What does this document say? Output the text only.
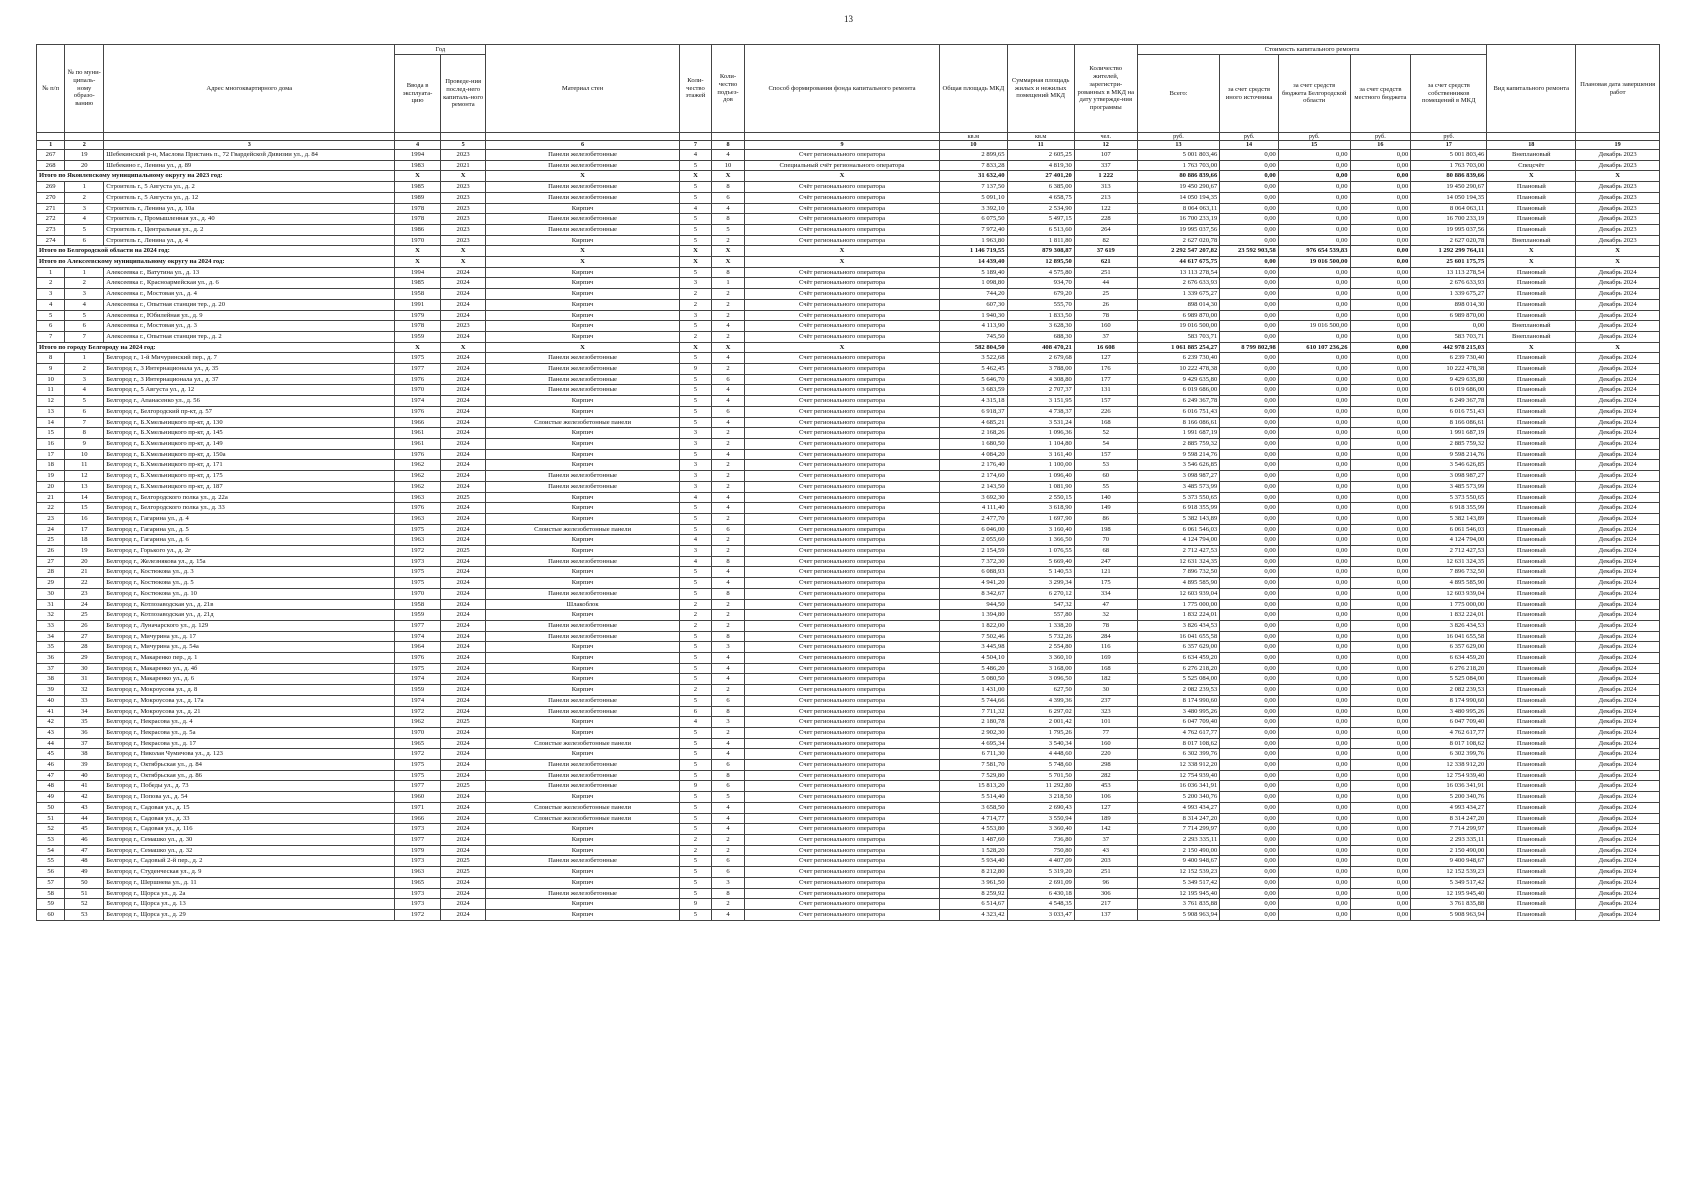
13
№ п/п	№ по муни-ципаль-ному образо-ванию	Адрес многоквартирного дома	Год		Материал стен	Коли-чество этажей	Коли-чество подъез-дов	Способ формирования фонда капитального ремонта	Общая площадь МКД	Суммарная площадь жилых и нежилых помещений МКД	Количество жителей, зарегистри-рованных в МКД на дату утвержде-ния программы	Стоимость капитального ремонта					Вид капитального ремонта	Плановая дата завершения работ
			Ввода в эксплуата-цию	Проведе-ния послед-него капиталь-ного ремонта								Всего:	за счет средств иного источника	за счет средств бюджета Белгородской области	за счет средств местного бюджета	за счет средств собственников помещений в МКД		
									кв.м	кв.м	чел.	руб.	руб.	руб.	руб.	руб.		
1	2	3	4	5	6	7	8	9	10	11	12	13	14	15	16	17	18	19
267	19	Шебекинский р-н, Маслова Пристань п., 72 Гвардейской Дивизии ул., д. 84	1994	2023	Панели железобетонные	4	4	Счет регионального оператора	2 899,65	2 605,25	107	5 001 803,46	0,00	0,00	0,00	5 001 803,46	Внеплановый	Декабрь 2023
268	20	Шебекино г., Ленина ул., д. 89	1983	2021	Панели железобетонные	5	10	Специальный счёт регионального оператора	7 833,28	4 819,30	337	1 763 703,00	0,00	0,00	0,00	1 763 703,00	Спецсчёт	Декабрь 2023
Итого по Яковлевскому муниципальному округу на 2023 год:			X	X	X	X	X	X	31 632,40	27 401,20	1 222	80 886 839,66	0,00	0,00	0,00	80 886 839,66	X	X
269	1	Строитель г., 5 Августа ул., д. 2	1985	2023	Панели железобетонные	5	8	Счёт регионального оператора	7 137,50	6 385,00	313	19 450 290,67	0,00	0,00	0,00	19 450 290,67	Плановый	Декабрь 2023
270	2	Строитель г., 5 Августа ул., д. 12	1989	2023	Панели железобетонные	5	6	Счёт регионального оператора	5 091,10	4 658,75	213	14 050 194,35	0,00	0,00	0,00	14 050 194,35	Плановый	Декабрь 2023
271	3	Строитель г., Ленина ул., д. 10а	1978	2023	Кирпич	4	4	Счёт регионального оператора	3 392,10	2 534,90	122	8 064 063,11	0,00	0,00	0,00	8 064 063,11	Плановый	Декабрь 2023
272	4	Строитель г., Промышленная ул., д. 40	1978	2023	Панели железобетонные	5	8	Счёт регионального оператора	6 075,50	5 497,15	228	16 700 233,19	0,00	0,00	0,00	16 700 233,19	Плановый	Декабрь 2023
273	5	Строитель г., Центральная ул., д. 2	1986	2023	Панели железобетонные	5	5	Счёт регионального оператора	7 972,40	6 513,60	264	19 995 037,56	0,00	0,00	0,00	19 995 037,56	Плановый	Декабрь 2023
274	6	Строитель г., Ленина ул., д. 4	1970	2023	Кирпич	5	2	Счет регионального оператора	1 963,80	1 811,80	82	2 627 020,78	0,00	0,00	0,00	2 627 020,78	Внеплановый	Декабрь 2023
Итого по Белгородской области на 2024 год:			X	X	X	X	X	X	1 146 719,55	879 308,87	37 619	2 292 547 207,82	23 592 903,58	976 654 539,83	0,00	1 292 299 764,11	X	X
Итого по Алексеевскому муниципальному округу на 2024 год:			X	X	X	X	X	X	14 439,40	12 895,50	621	44 617 675,75	0,00	19 016 500,00	0,00	25 601 175,75	X	X
1	1	Алексеевка г., Ватутина ул., д. 13	1994	2024	Кирпич	5	8	Счёт регионального оператора	5 189,40	4 575,80	251	13 113 278,54	0,00	0,00	0,00	13 113 278,54	Плановый	Декабрь 2024
2	2	Алексеевка г., Красноармейская ул., д. 6	1985	2024	Кирпич	3	1	Счёт регионального оператора	1 098,80	934,70	44	2 676 633,93	0,00	0,00	0,00	2 676 633,93	Плановый	Декабрь 2024
3	3	Алексеевка г., Мостовая ул., д. 4	1958	2024	Кирпич	2	2	Счёт регионального оператора	744,20	679,20	25	1 339 675,27	0,00	0,00	0,00	1 339 675,27	Плановый	Декабрь 2024
4	4	Алексеевка г., Опытная станция тер., д. 20	1991	2024	Кирпич	2	2	Счёт регионального оператора	607,30	555,70	26	898 014,30	0,00	0,00	0,00	898 014,30	Плановый	Декабрь 2024
5	5	Алексеевка г., Юбилейная ул., д. 9	1979	2024	Кирпич	3	2	Счёт регионального оператора	1 940,30	1 833,50	78	6 989 870,00	0,00	0,00	0,00	6 989 870,00	Плановый	Декабрь 2024
6	6	Алексеевка г., Мостовая ул., д. 3	1978	2023	Кирпич	5	4	Счёт регионального оператора	4 113,90	3 628,30	160	19 016 500,00	0,00	19 016 500,00	0,00	0,00	Внеплановый	Декабрь 2024
7	7	Алексеевка г., Опытная станция тер., д. 2	1959	2024	Кирпич	2	2	Счёт регионального оператора	745,50	688,30	37	583 703,71	0,00	0,00	0,00	583 703,71	Внеплановый	Декабрь 2024
Итого по городу Белгороду на 2024 год:			X	X	X	X	X	X	582 804,50	408 470,21	16 608	1 061 885 254,27	8 799 802,98	610 107 236,26	0,00	442 978 215,03	X	X
8	1	Белгород г., 1-й Мичуринский пер., д. 7	1975	2024	Панели железобетонные	5	4	Счет регионального оператора	3 522,68	2 679,68	127	6 239 730,40	0,00	0,00	0,00	6 239 730,40	Плановый	Декабрь 2024
9	2	Белгород г., 3 Интернационала ул., д. 35	1977	2024	Панели железобетонные	9	2	Счет регионального оператора	5 462,45	3 788,00	176	10 222 478,38	0,00	0,00	0,00	10 222 478,38	Плановый	Декабрь 2024
10	3	Белгород г., 3 Интернационала ул., д. 37	1976	2024	Панели железобетонные	5	6	Счет регионального оператора	5 646,70	4 308,80	177	9 429 635,80	0,00	0,00	0,00	9 429 635,80	Плановый	Декабрь 2024
11	4	Белгород г., 5 Августа ул., д. 12	1970	2024	Панели железобетонные	5	4	Счет регионального оператора	3 683,59	2 707,37	131	6 019 686,00	0,00	0,00	0,00	6 019 686,00	Плановый	Декабрь 2024
12	5	Белгород г., Апанасенко ул., д. 56	1974	2024	Кирпич	5	4	Счет регионального оператора	4 315,18	3 151,95	157	6 249 367,78	0,00	0,00	0,00	6 249 367,78	Плановый	Декабрь 2024
13	6	Белгород г., Белгородский пр-кт, д. 57	1976	2024	Кирпич	5	6	Счет регионального оператора	6 918,37	4 738,37	226	6 016 751,43	0,00	0,00	0,00	6 016 751,43	Плановый	Декабрь 2024
14	7	Белгород г., Б.Хмельницкого пр-кт, д. 130	1966	2024	Слоистые железобетонные панели	5	4	Счет регионального оператора	4 685,21	3 531,24	168	8 166 086,61	0,00	0,00	0,00	8 166 086,61	Плановый	Декабрь 2024
15	8	Белгород г., Б.Хмельницкого пр-кт, д. 145	1961	2024	Кирпич	3	2	Счет регионального оператора	2 168,26	1 096,36	52	1 991 687,19	0,00	0,00	0,00	1 991 687,19	Плановый	Декабрь 2024
16	9	Белгород г., Б.Хмельницкого пр-кт, д. 149	1961	2024	Кирпич	3	2	Счет регионального оператора	1 680,50	1 104,80	54	2 885 759,32	0,00	0,00	0,00	2 885 759,32	Плановый	Декабрь 2024
17	10	Белгород г., Б.Хмельницкого пр-кт, д. 150а	1976	2024	Кирпич	5	4	Счет регионального оператора	4 084,20	3 161,40	157	9 598 214,76	0,00	0,00	0,00	9 598 214,76	Плановый	Декабрь 2024
18	11	Белгород г., Б.Хмельницкого пр-кт, д. 171	1962	2024	Кирпич	3	2	Счет регионального оператора	2 176,40	1 100,00	53	3 546 626,85	0,00	0,00	0,00	3 546 626,85	Плановый	Декабрь 2024
19	12	Белгород г., Б.Хмельницкого пр-кт, д. 175	1962	2024	Панели железобетонные	3	2	Счет регионального оператора	2 174,60	1 096,40	60	3 098 987,27	0,00	0,00	0,00	3 098 987,27	Плановый	Декабрь 2024
20	13	Белгород г., Б.Хмельницкого пр-кт, д. 187	1962	2024	Панели железобетонные	3	2	Счет регионального оператора	2 143,50	1 081,90	55	3 485 573,99	0,00	0,00	0,00	3 485 573,99	Плановый	Декабрь 2024
21	14	Белгород г., Белгородского полка ул., д. 22а	1963	2025	Кирпич	4	4	Счет регионального оператора	3 692,30	2 550,15	140	5 373 550,65	0,00	0,00	0,00	5 373 550,65	Плановый	Декабрь 2024
22	15	Белгород г., Белгородского полка ул., д. 33	1976	2024	Кирпич	5	4	Счет регионального оператора	4 111,40	3 618,90	149	6 918 355,99	0,00	0,00	0,00	6 918 355,99	Плановый	Декабрь 2024
23	16	Белгород г., Гагарина ул., д. 4	1963	2024	Кирпич	5	2	Счет регионального оператора	2 477,70	1 697,90	86	5 382 143,89	0,00	0,00	0,00	5 382 143,89	Плановый	Декабрь 2024
24	17	Белгород г., Гагарина ул., д. 5	1975	2024	Слоистые железобетонные панели	5	6	Счет регионального оператора	6 046,00	3 160,40	198	6 061 546,03	0,00	0,00	0,00	6 061 546,03	Плановый	Декабрь 2024
25	18	Белгород г., Гагарина ул., д. 6	1963	2024	Кирпич	4	2	Счет регионального оператора	2 055,60	1 366,50	70	4 124 794,00	0,00	0,00	0,00	4 124 794,00	Плановый	Декабрь 2024
26	19	Белгород г., Горького ул., д. 2г	1972	2025	Кирпич	3	2	Счет регионального оператора	2 154,59	1 076,55	68	2 712 427,53	0,00	0,00	0,00	2 712 427,53	Плановый	Декабрь 2024
27	20	Белгород г., Железнякова ул., д. 15а	1973	2024	Панели железобетонные	4	8	Счет регионального оператора	7 372,30	5 669,40	247	12 631 324,35	0,00	0,00	0,00	12 631 324,35	Плановый	Декабрь 2024
28	21	Белгород г., Костюкова ул., д. 3	1975	2024	Кирпич	5	4	Счет регионального оператора	6 088,93	5 140,53	121	7 896 732,50	0,00	0,00	0,00	7 896 732,50	Плановый	Декабрь 2024
29	22	Белгород г., Костюкова ул., д. 5	1975	2024	Кирпич	5	4	Счет регионального оператора	4 941,20	3 299,34	175	4 895 585,90	0,00	0,00	0,00	4 895 585,90	Плановый	Декабрь 2024
30	23	Белгород г., Костюкова ул., д. 10	1970	2024	Панели железобетонные	5	8	Счет регионального оператора	8 342,67	6 270,12	334	12 603 939,04	0,00	0,00	0,00	12 603 939,04	Плановый	Декабрь 2024
31	24	Белгород г., Котлозаводская ул., д. 21в	1958	2024	Шлакоблок	2	2	Счет регионального оператора	944,50	547,32	47	1 775 000,00	0,00	0,00	0,00	1 775 000,00	Плановый	Декабрь 2024
32	25	Белгород г., Котлозаводская ул., д. 21д	1959	2024	Кирпич	2	2	Счет регионального оператора	1 394,80	557,80	32	1 832 224,01	0,00	0,00	0,00	1 832 224,01	Плановый	Декабрь 2024
33	26	Белгород г., Луначарского ул., д. 129	1977	2024	Панели железобетонные	2	2	Счет регионального оператора	1 822,00	1 338,20	78	3 826 434,53	0,00	0,00	0,00	3 826 434,53	Плановый	Декабрь 2024
34	27	Белгород г., Мичурина ул., д. 17	1974	2024	Панели железобетонные	5	8	Счет регионального оператора	7 502,46	5 732,26	284	16 041 655,58	0,00	0,00	0,00	16 041 655,58	Плановый	Декабрь 2024
35	28	Белгород г., Мичурина ул., д. 54а	1964	2024	Кирпич	5	3	Счет регионального оператора	3 445,98	2 554,80	116	6 357 629,00	0,00	0,00	0,00	6 357 629,00	Плановый	Декабрь 2024
36	29	Белгород г., Макаренко пер., д. 1	1976	2024	Кирпич	5	4	Счет регионального оператора	4 504,10	3 360,10	169	6 634 459,20	0,00	0,00	0,00	6 634 459,20	Плановый	Декабрь 2024
37	30	Белгород г., Макаренко ул., д. 4б	1975	2024	Кирпич	5	4	Счет регионального оператора	5 486,20	3 168,00	168	6 276 218,20	0,00	0,00	0,00	6 276 218,20	Плановый	Декабрь 2024
38	31	Белгород г., Макаренко ул., д. 6	1974	2024	Кирпич	5	4	Счет регионального оператора	5 080,50	3 096,50	182	5 525 084,00	0,00	0,00	0,00	5 525 084,00	Плановый	Декабрь 2024
39	32	Белгород г., Мокроусова ул., д. 8	1959	2024	Кирпич	2	2	Счет регионального оператора	1 431,00	627,50	30	2 082 239,53	0,00	0,00	0,00	2 082 239,53	Плановый	Декабрь 2024
40	33	Белгород г., Мокроусова ул., д. 17а	1974	2024	Панели железобетонные	5	6	Счет регионального оператора	5 744,66	4 399,36	237	8 174 990,60	0,00	0,00	0,00	8 174 990,60	Плановый	Декабрь 2024
41	34	Белгород г., Мокроусова ул., д. 21	1972	2024	Панели железобетонные	6	8	Счет регионального оператора	7 711,32	6 297,02	323	3 480 995,26	0,00	0,00	0,00	3 480 995,26	Плановый	Декабрь 2024
42	35	Белгород г., Некрасова ул., д. 4	1962	2025	Кирпич	4	3	Счет регионального оператора	2 180,78	2 001,42	101	6 047 709,40	0,00	0,00	0,00	6 047 709,40	Плановый	Декабрь 2024
43	36	Белгород г., Некрасова ул., д. 5а	1970	2024	Кирпич	5	2	Счет регионального оператора	2 902,30	1 795,26	77	4 762 617,77	0,00	0,00	0,00	4 762 617,77	Плановый	Декабрь 2024
44	37	Белгород г., Некрасова ул., д. 17	1965	2024	Слоистые железобетонные панели	5	4	Счет регионального оператора	4 695,34	3 540,34	160	8 017 108,62	0,00	0,00	0,00	8 017 108,62	Плановый	Декабрь 2024
45	38	Белгород г., Николая Чумичова ул., д. 123	1972	2024	Кирпич	5	4	Счет регионального оператора	6 711,30	4 448,60	220	6 302 399,76	0,00	0,00	0,00	6 302 399,76	Плановый	Декабрь 2024
46	39	Белгород г., Октябрьская ул., д. 84	1975	2024	Панели железобетонные	5	6	Счет регионального оператора	7 581,70	5 748,60	298	12 338 912,20	0,00	0,00	0,00	12 338 912,20	Плановый	Декабрь 2024
47	40	Белгород г., Октябрьская ул., д. 86	1975	2024	Панели железобетонные	5	8	Счет регионального оператора	7 529,80	5 701,50	282	12 754 939,40	0,00	0,00	0,00	12 754 939,40	Плановый	Декабрь 2024
48	41	Белгород г., Победы ул., д. 73	1977	2025	Панели железобетонные	9	6	Счет регионального оператора	15 813,20	11 292,80	453	16 036 341,91	0,00	0,00	0,00	16 036 341,91	Плановый	Декабрь 2024
49	42	Белгород г., Попова ул., д. 54	1960	2024	Кирпич	5	5	Счет регионального оператора	5 514,40	3 218,50	106	5 200 340,76	0,00	0,00	0,00	5 200 340,76	Плановый	Декабрь 2024
50	43	Белгород г., Садовая ул., д. 15	1971	2024	Слоистые железобетонные панели	5	4	Счет регионального оператора	3 658,50	2 690,43	127	4 993 434,27	0,00	0,00	0,00	4 993 434,27	Плановый	Декабрь 2024
51	44	Белгород г., Садовая ул., д. 33	1966	2024	Слоистые железобетонные панели	5	4	Счет регионального оператора	4 714,77	3 550,94	189	8 314 247,20	0,00	0,00	0,00	8 314 247,20	Плановый	Декабрь 2024
52	45	Белгород г., Садовая ул., д. 116	1973	2024	Кирпич	5	4	Счет регионального оператора	4 553,80	3 360,40	142	7 714 299,97	0,00	0,00	0,00	7 714 299,97	Плановый	Декабрь 2024
53	46	Белгород г., Семашко ул., д. 30	1977	2024	Кирпич	2	2	Счет регионального оператора	1 487,60	736,80	37	2 293 335,11	0,00	0,00	0,00	2 293 335,11	Плановый	Декабрь 2024
54	47	Белгород г., Семашко ул., д. 32	1979	2024	Кирпич	2	2	Счет регионального оператора	1 528,20	750,80	43	2 150 490,00	0,00	0,00	0,00	2 150 490,00	Плановый	Декабрь 2024
55	48	Белгород г., Садовый 2-й пер., д. 2	1973	2025	Панели железобетонные	5	6	Счет регионального оператора	5 934,40	4 407,09	203	9 400 948,67	0,00	0,00	0,00	9 400 948,67	Плановый	Декабрь 2024
56	49	Белгород г., Студенческая ул., д. 9	1963	2025	Кирпич	5	6	Счет регионального оператора	8 212,80	5 319,20	251	12 152 539,23	0,00	0,00	0,00	12 152 539,23	Плановый	Декабрь 2024
57	50	Белгород г., Шершнева ул., д. 11	1965	2024	Кирпич	5	3	Счет регионального оператора	3 961,50	2 691,09	96	5 349 517,42	0,00	0,00	0,00	5 349 517,42	Плановый	Декабрь 2024
58	51	Белгород г., Щорса ул., д. 2а	1973	2024	Панели железобетонные	5	8	Счет регионального оператора	8 259,92	6 430,18	306	12 195 945,40	0,00	0,00	0,00	12 195 945,40	Плановый	Декабрь 2024
59	52	Белгород г., Щорса ул., д. 13	1973	2024	Кирпич	9	2	Счет регионального оператора	6 514,67	4 548,35	217	3 761 835,88	0,00	0,00	0,00	3 761 835,88	Плановый	Декабрь 2024
60	53	Белгород г., Щорса ул., д. 29	1972	2024	Кирпич	5	4	Счет регионального оператора	4 323,42	3 033,47	137	5 908 963,94	0,00	0,00	0,00	5 908 963,94	Плановый	Декабрь 2024
